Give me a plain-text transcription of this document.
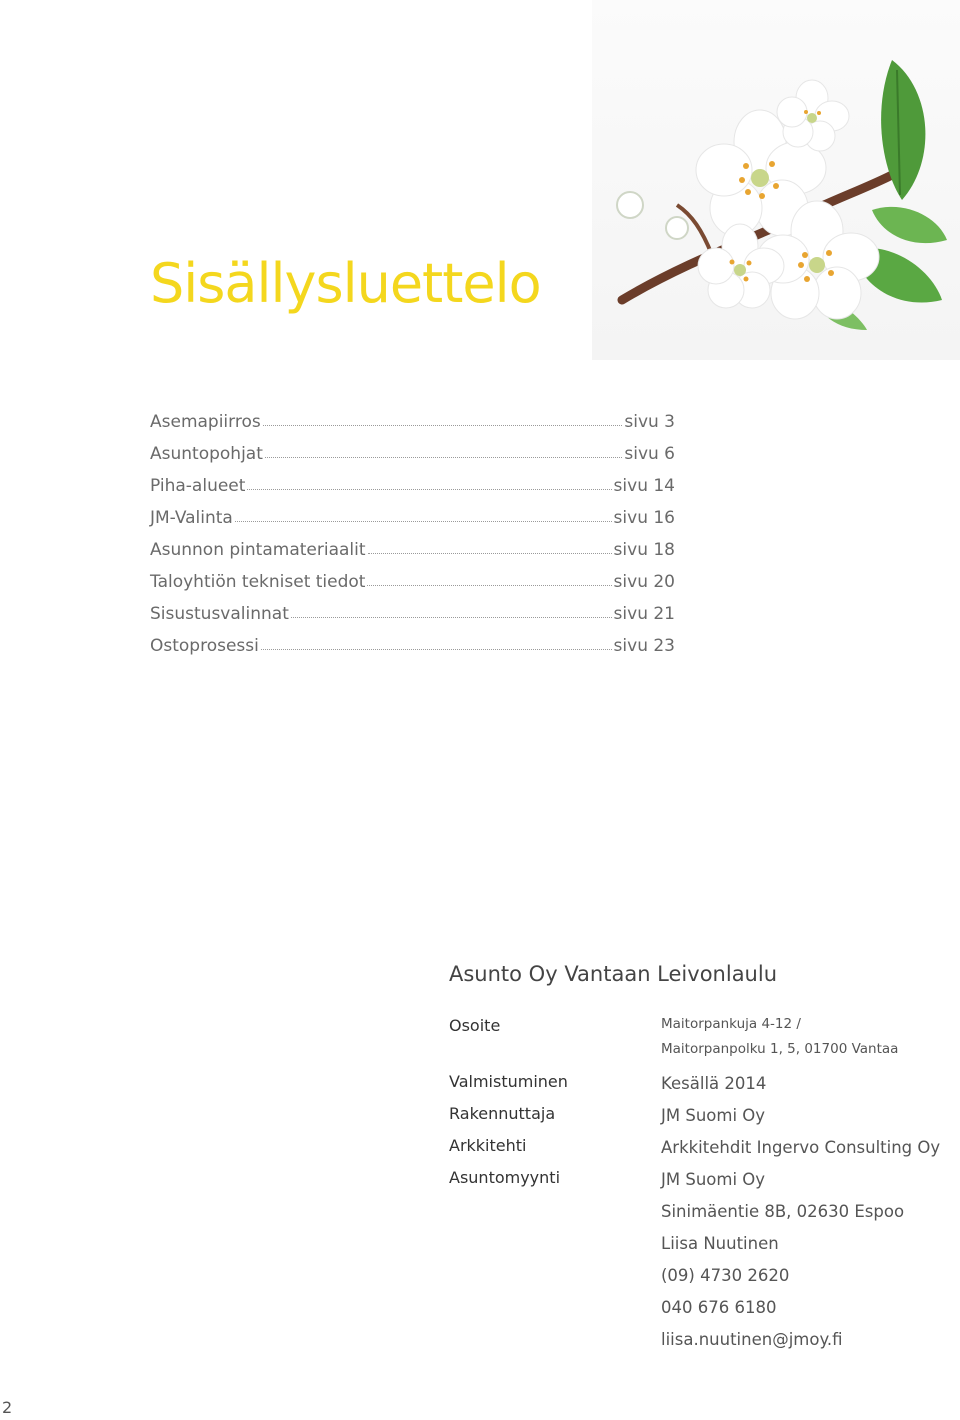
Sisällysluettelo
Asemapiirros	sivu 3
Asuntopohjat	sivu 6
Piha-alueet	sivu 14
JM-Valinta	sivu 16
Asunnon pintamateriaalit	sivu 18
Taloyhtiön tekniset tiedot	sivu 20
Sisustusvalinnat	sivu 21
Ostoprosessi	sivu 23
Asunto Oy Vantaan Leivonlaulu
Osoite	Maitorpankuja 4-12 /
Maitorpanpolku 1, 5, 01700 Vantaa
Valmistuminen	Kesällä 2014
Rakennuttaja	JM Suomi Oy
Arkkitehti	Arkkitehdit Ingervo Consulting Oy
Asuntomyynti	JM Suomi Oy
Sinimäentie 8B, 02630 Espoo
Liisa Nuutinen
(09) 4730 2620
040 676 6180
liisa.nuutinen@jmoy.fi
2
